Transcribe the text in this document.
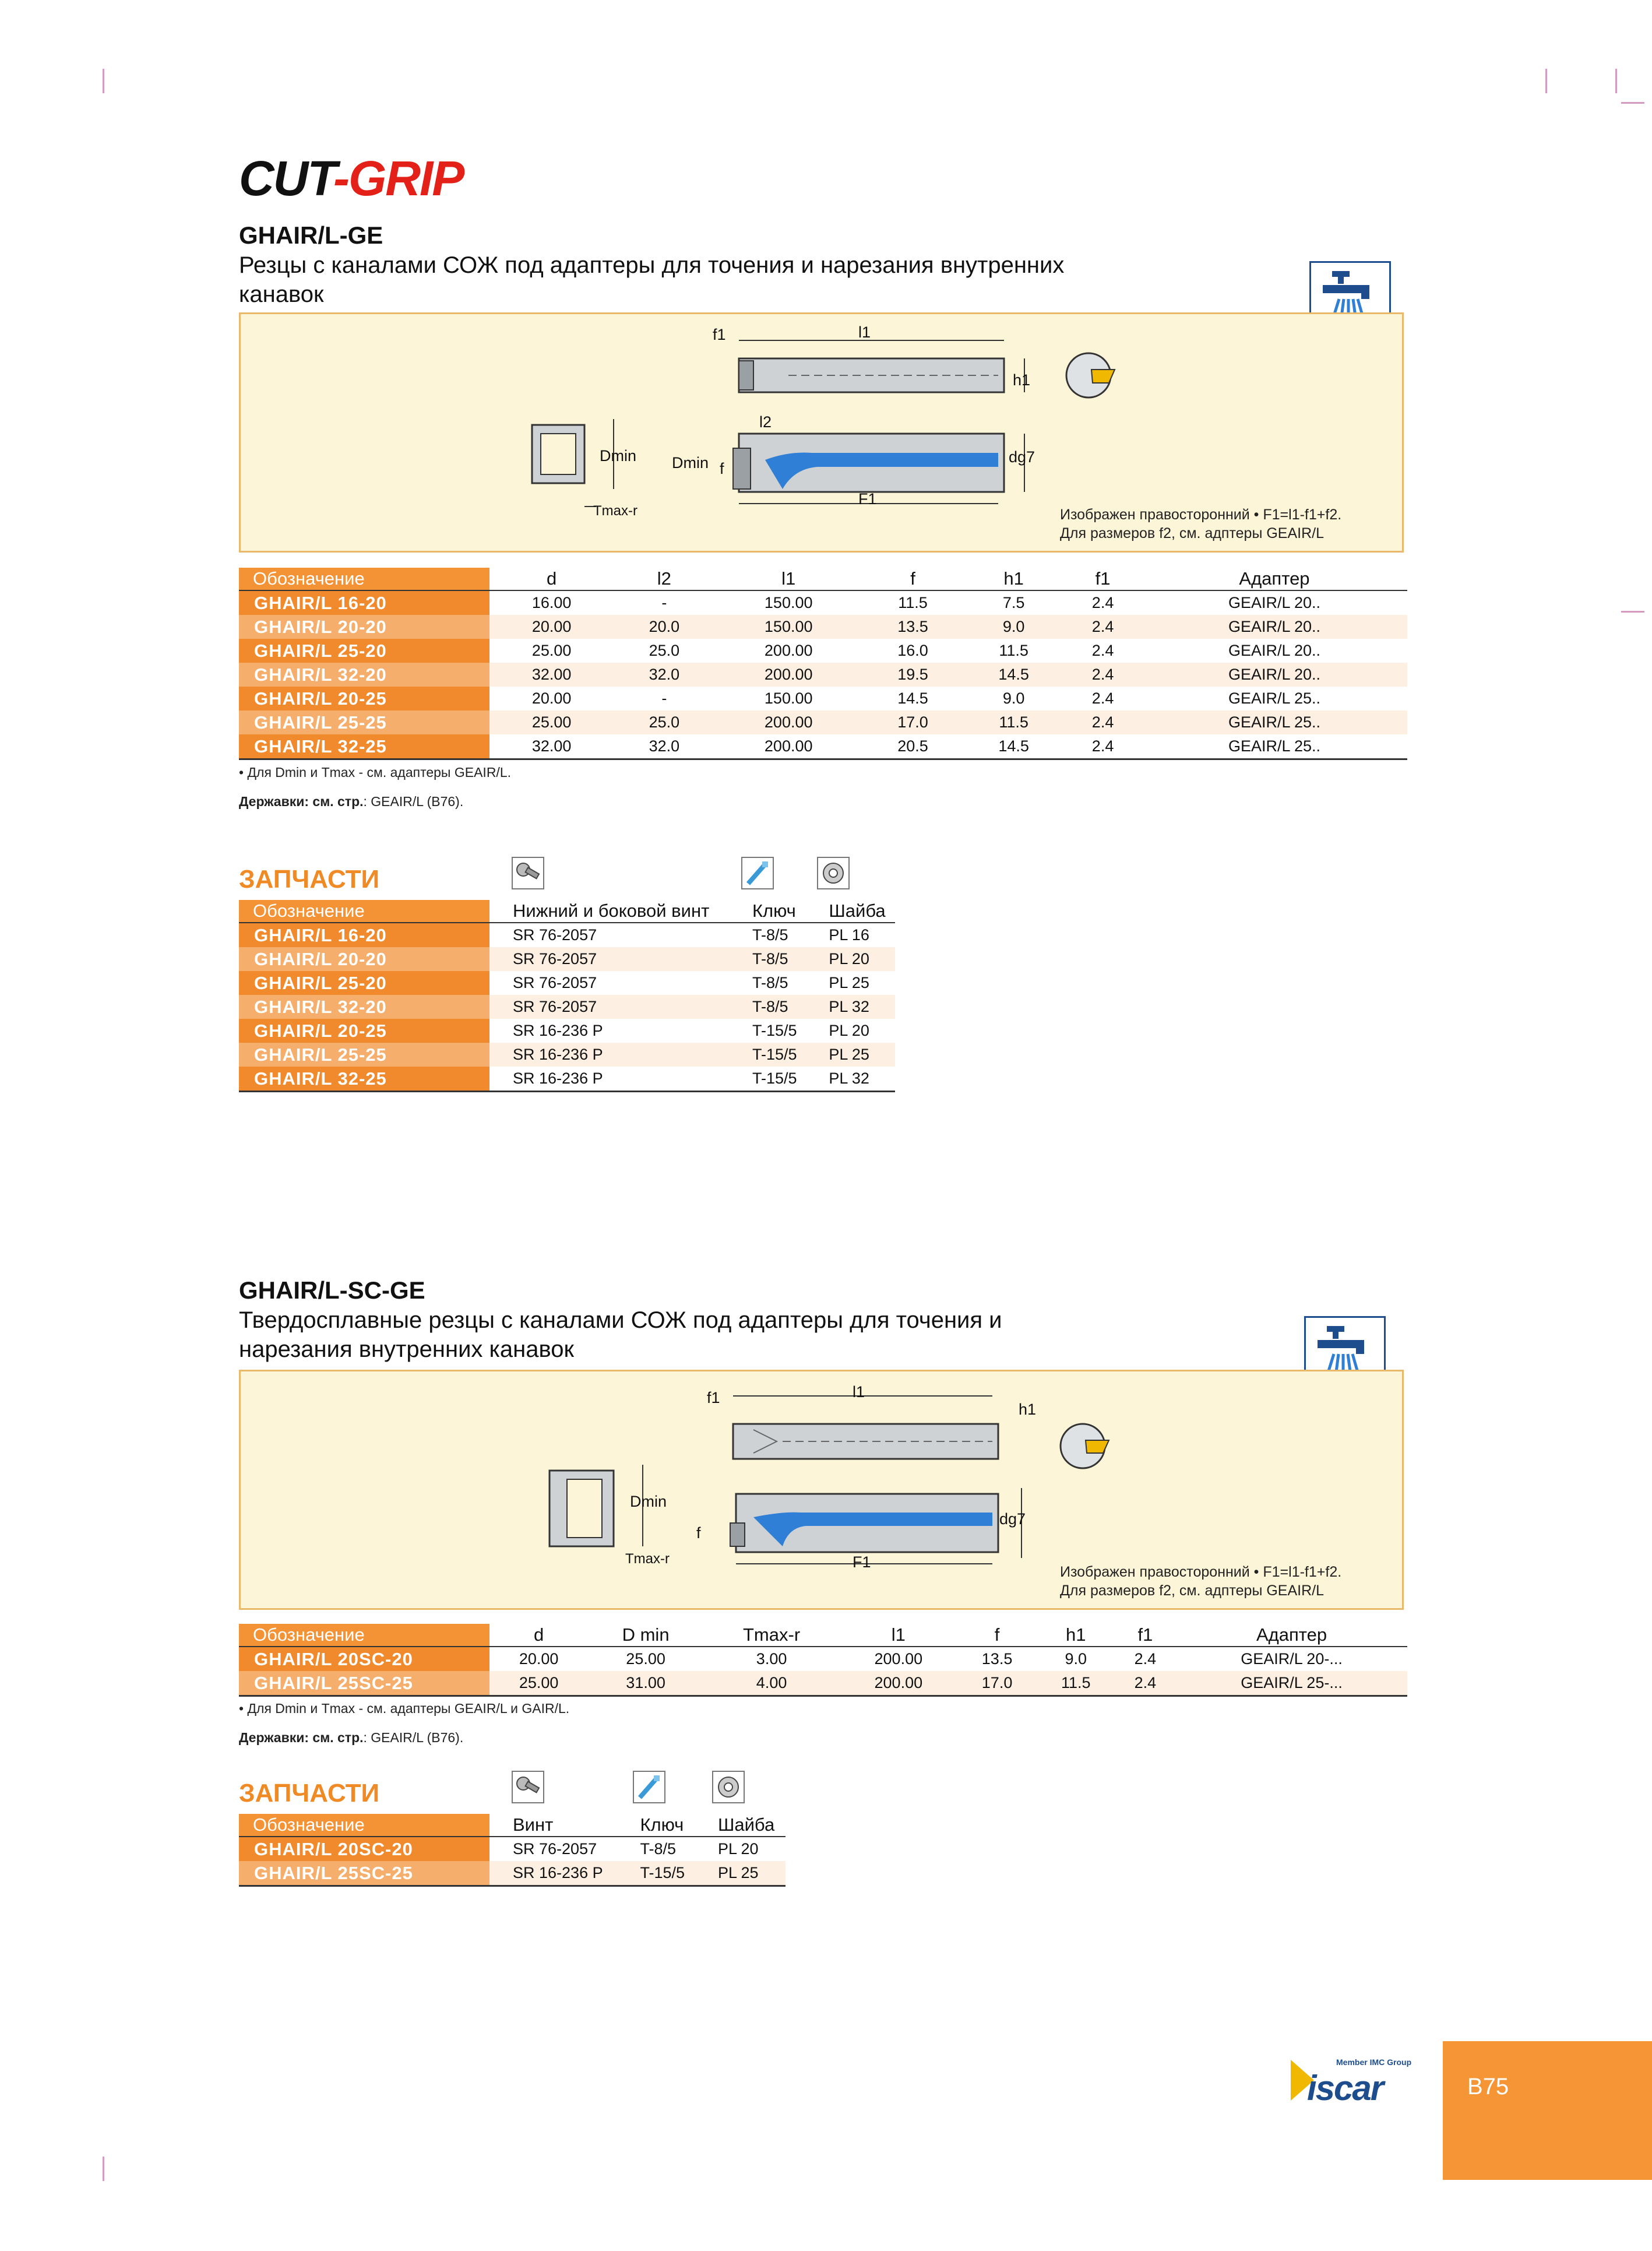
CUT-GRIP
GHAIR/L-GE
Резцы с каналами СОЖ под адаптеры для точения и нарезания внутренних
канавок
f1	l1
h1
l2
Dmin Dmin f
dg7
F1
Tmax-r	Изображен правосторонний • F1=l1-f1+f2.
Для размеров f2, см. адптеры GEAIR/L
Обозначение	d	l2	l1	f	h1	f1	Адаптер
GHAIR/L 16-20	16.00	-	150.00	11.5	7.5	2.4	GEAIR/L 20..
GHAIR/L 20-20	20.00	20.0	150.00	13.5	9.0	2.4	GEAIR/L 20..
GHAIR/L 25-20	25.00	25.0	200.00	16.0	11.5	2.4	GEAIR/L 20..
GHAIR/L 32-20	32.00	32.0	200.00	19.5	14.5	2.4	GEAIR/L 20..
GHAIR/L 20-25	20.00	-	150.00	14.5	9.0	2.4	GEAIR/L 25..
GHAIR/L 25-25	25.00	25.0	200.00	17.0	11.5	2.4	GEAIR/L 25..
GHAIR/L 32-25	32.00	32.0	200.00	20.5	14.5	2.4	GEAIR/L 25..
• Для Dmin и Tmax - см. адаптеры GEAIR/L.
Державки: см. стр.: GEAIR/L (B76).
ЗАПЧАСТИ
Обозначение	Нижний и боковой винт	Ключ	Шайба
GHAIR/L 16-20	SR 76-2057	T-8/5	PL 16
GHAIR/L 20-20	SR 76-2057	T-8/5	PL 20
GHAIR/L 25-20	SR 76-2057	T-8/5	PL 25
GHAIR/L 32-20	SR 76-2057	T-8/5	PL 32
GHAIR/L 20-25	SR 16-236 P	T-15/5	PL 20
GHAIR/L 25-25	SR 16-236 P	T-15/5	PL 25
GHAIR/L 32-25	SR 16-236 P	T-15/5	PL 32
GHAIR/L-SC-GE
Твердосплавные резцы с каналами СОЖ под адаптеры для точения и
нарезания внутренних канавок
f1	l1
h1
Dmin
f
dg7
F1
Tmax-r
Изображен правосторонний • F1=l1-f1+f2.
Для размеров f2, см. адптеры GEAIR/L
Обозначение	d	D min	Tmax-r	l1	f	h1	f1	Адаптер
GHAIR/L 20SC-20	20.00	25.00	3.00	200.00	13.5	9.0	2.4	GEAIR/L 20-...
GHAIR/L 25SC-25	25.00	31.00	4.00	200.00	17.0	11.5	2.4	GEAIR/L 25-...
• Для Dmin и Tmax - см. адаптеры GEAIR/L и GAIR/L.
Державки: см. стр.: GEAIR/L (B76).
ЗАПЧАСТИ
Обозначение	Винт	Ключ	Шайба
GHAIR/L 20SC-20	SR 76-2057	T-8/5	PL 20
GHAIR/L 25SC-25	SR 16-236 P	T-15/5	PL 25
Member IMC Group
iscar	B75
